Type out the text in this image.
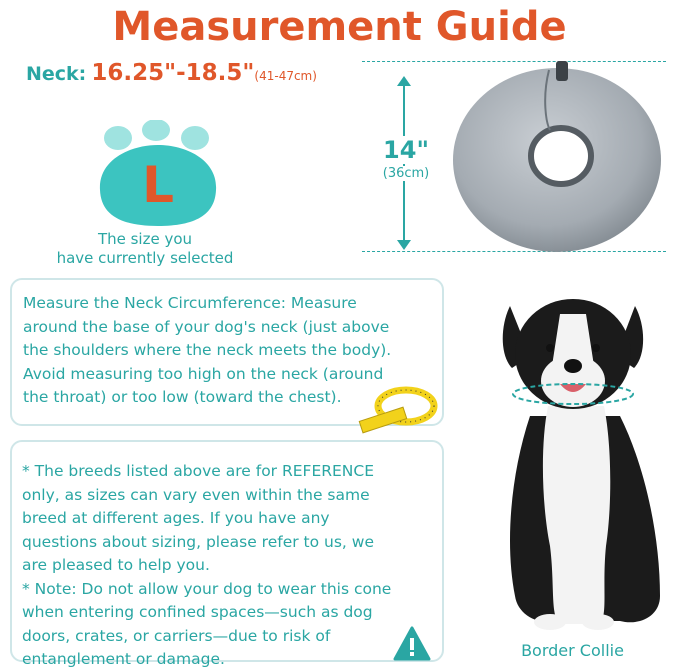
Measurement Guide
Neck: 16.25"-18.5"(41-47cm)
L
The size you
have currently selected
14"
(36cm)
Measure the Neck Circumference: Measure
around the base of your dog's neck (just above
the shoulders where the neck meets the body).
Avoid measuring too high on the neck (around
the throat) or too low (toward the chest).
* The breeds listed above are for REFERENCE
only, as sizes can vary even within the same
breed at different ages. If you have any
questions about sizing, please refer to us, we
are pleased to help you.
* Note: Do not allow your dog to wear this cone
when entering confined spaces—such as dog
doors, crates, or carriers—due to risk of
entanglement or damage.	Border Collie
